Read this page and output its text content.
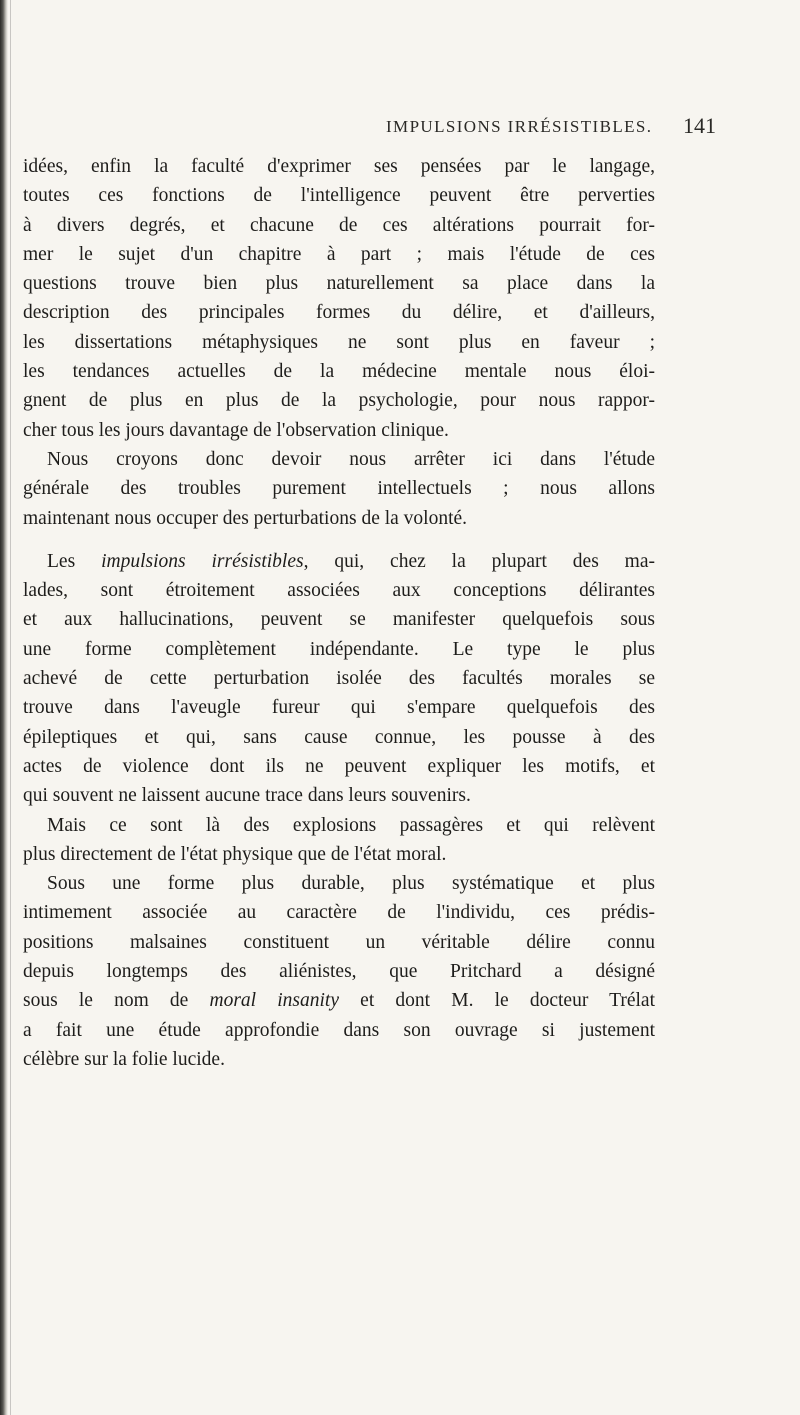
IMPULSIONS IRRÉSISTIBLES. 141
idées, enfin la faculté d'exprimer ses pensées par le langage,
toutes ces fonctions de l'intelligence peuvent être perverties
à divers degrés, et chacune de ces altérations pourrait for-
mer le sujet d'un chapitre à part ; mais l'étude de ces
questions trouve bien plus naturellement sa place dans la
description des principales formes du délire, et d'ailleurs,
les dissertations métaphysiques ne sont plus en faveur ;
les tendances actuelles de la médecine mentale nous éloi-
gnent de plus en plus de la psychologie, pour nous rappor-
cher tous les jours davantage de l'observation clinique.
Nous croyons donc devoir nous arrêter ici dans l'étude
générale des troubles purement intellectuels ; nous allons
maintenant nous occuper des perturbations de la volonté.
Les impulsions irrésistibles, qui, chez la plupart des ma-
lades, sont étroitement associées aux conceptions délirantes
et aux hallucinations, peuvent se manifester quelquefois sous
une forme complètement indépendante. Le type le plus
achevé de cette perturbation isolée des facultés morales se
trouve dans l'aveugle fureur qui s'empare quelquefois des
épileptiques et qui, sans cause connue, les pousse à des
actes de violence dont ils ne peuvent expliquer les motifs, et
qui souvent ne laissent aucune trace dans leurs souvenirs.
Mais ce sont là des explosions passagères et qui relèvent
plus directement de l'état physique que de l'état moral.
Sous une forme plus durable, plus systématique et plus
intimement associée au caractère de l'individu, ces prédis-
positions malsaines constituent un véritable délire connu
depuis longtemps des aliénistes, que Pritchard a désigné
sous le nom de moral insanity et dont M. le docteur Trélat
a fait une étude approfondie dans son ouvrage si justement
célèbre sur la folie lucide.
